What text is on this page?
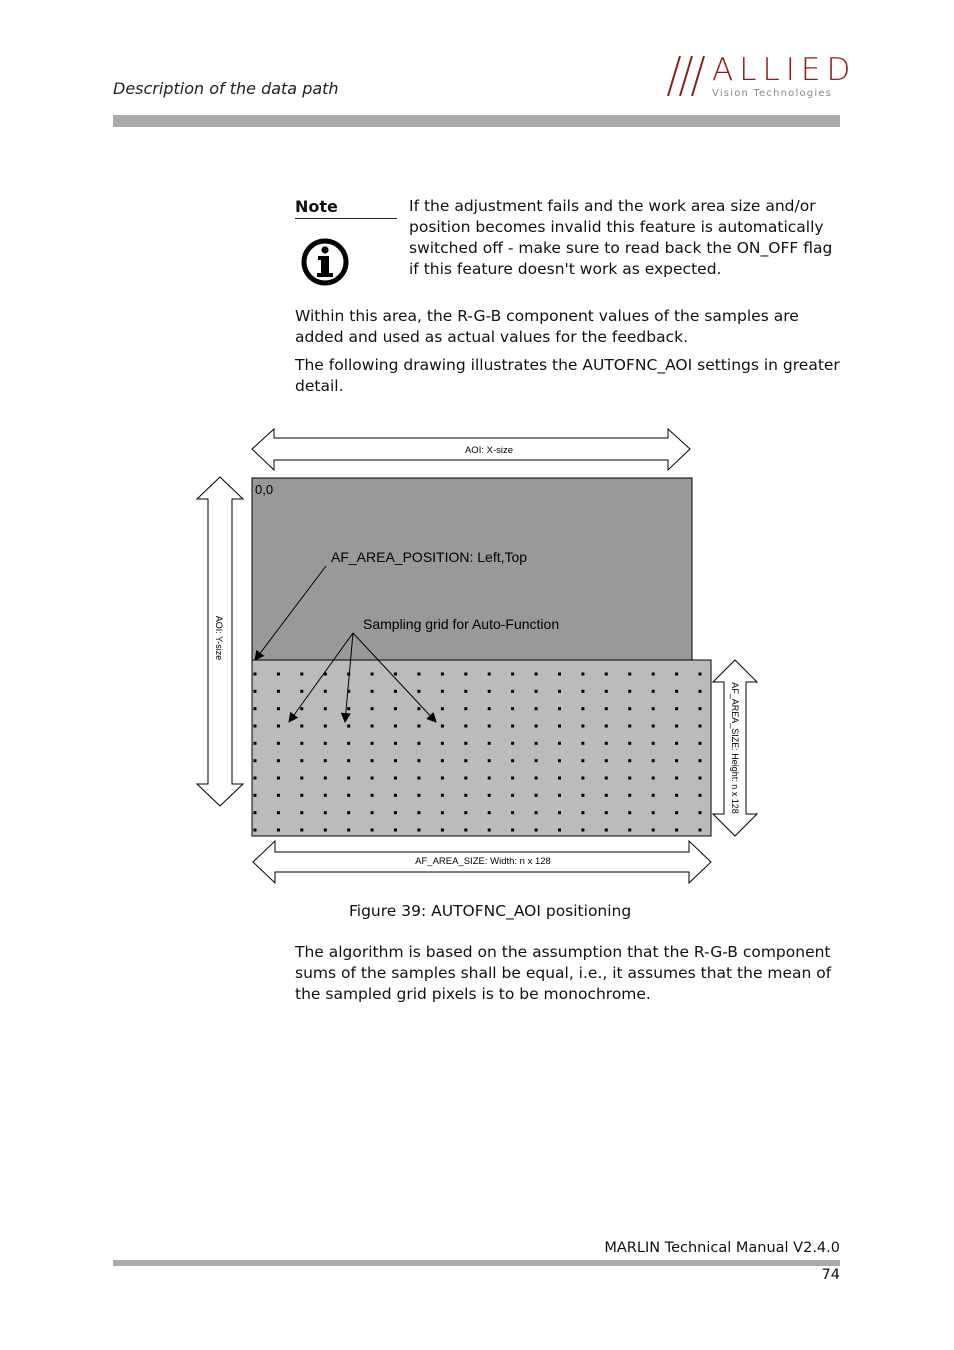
Description of the data path
ALLIED
Vision Technologies
Note	If the adjustment fails and the work area size and/or position becomes invalid this feature is automatically switched off - make sure to read back the ON_OFF flag if this feature doesn't work as expected.
Within this area, the R-G-B component values of the samples are added and used as actual values for the feedback.
The following drawing illustrates the AUTOFNC_AOI settings in greater detail.
AOI: X-size
AOI: Y-size
0,0
AF_AREA_POSITION: Left,Top
Sampling grid for Auto-Function
AF_AREA_SIZE: Height: n x 128
AF_AREA_SIZE: Width: n x 128
Figure 39: AUTOFNC_AOI positioning
The algorithm is based on the assumption that the R-G-B component sums of the samples shall be equal, i.e., it assumes that the mean of the sampled grid pixels is to be monochrome.
MARLIN Technical Manual V2.4.0
74
